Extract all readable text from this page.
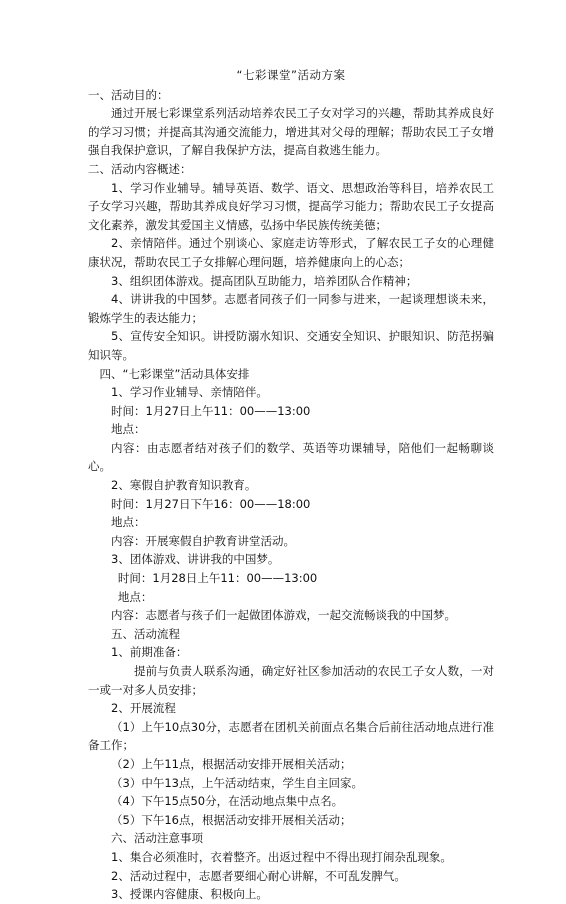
“七彩课堂”活动方案

一、活动目的：

通过开展七彩课堂系列活动培养农民工子女对学习的兴趣，帮助其养成良好的学习习惯；并提高其沟通交流能力，增进其对父母的理解；帮助农民工子女增强自我保护意识，了解自我保护方法，提高自救逃生能力。

二、活动内容概述：

1、学习作业辅导。辅导英语、数学、语文、思想政治等科目，培养农民工子女学习兴趣，帮助其养成良好学习习惯，提高学习能力；帮助农民工子女提高文化素养，激发其爱国主义情感，弘扬中华民族传统美德；

2、亲情陪伴。通过个别谈心、家庭走访等形式，了解农民工子女的心理健康状况，帮助农民工子女排解心理问题，培养健康向上的心态；

3、组织团体游戏。提高团队互助能力，培养团队合作精神；

4、讲讲我的中国梦。志愿者同孩子们一同参与进来，一起谈理想谈未来，锻炼学生的表达能力；

5、宣传安全知识。讲授防溺水知识、交通安全知识、护眼知识、防范拐骗知识等。

四、“七彩课堂”活动具体安排

1、学习作业辅导、亲情陪伴。

时间：1月27日上午11：00——13:00

地点：

内容：由志愿者结对孩子们的数学、英语等功课辅导，陪他们一起畅聊谈心。

2、寒假自护教育知识教育。

时间：1月27日下午16：00——18:00

地点：

内容：开展寒假自护教育讲堂活动。

3、团体游戏、讲讲我的中国梦。

时间：1月28日上午11：00——13:00

地点：

内容：志愿者与孩子们一起做团体游戏，一起交流畅谈我的中国梦。

五、活动流程

1、前期准备：

提前与负责人联系沟通，确定好社区参加活动的农民工子女人数，一对一或一对多人员安排；

2、开展流程

（1）上午10点30分，志愿者在团机关前面点名集合后前往活动地点进行准备工作；

（2）上午11点，根据活动安排开展相关活动；

（3）中午13点，上午活动结束，学生自主回家。

（4）下午15点50分，在活动地点集中点名。

（5）下午16点，根据活动安排开展相关活动；

六、活动注意事项

1、集合必须准时，衣着整齐。出返过程中不得出现打闹杂乱现象。

2、活动过程中，志愿者要细心耐心讲解，不可乱发脾气。

3、授课内容健康、积极向上。
